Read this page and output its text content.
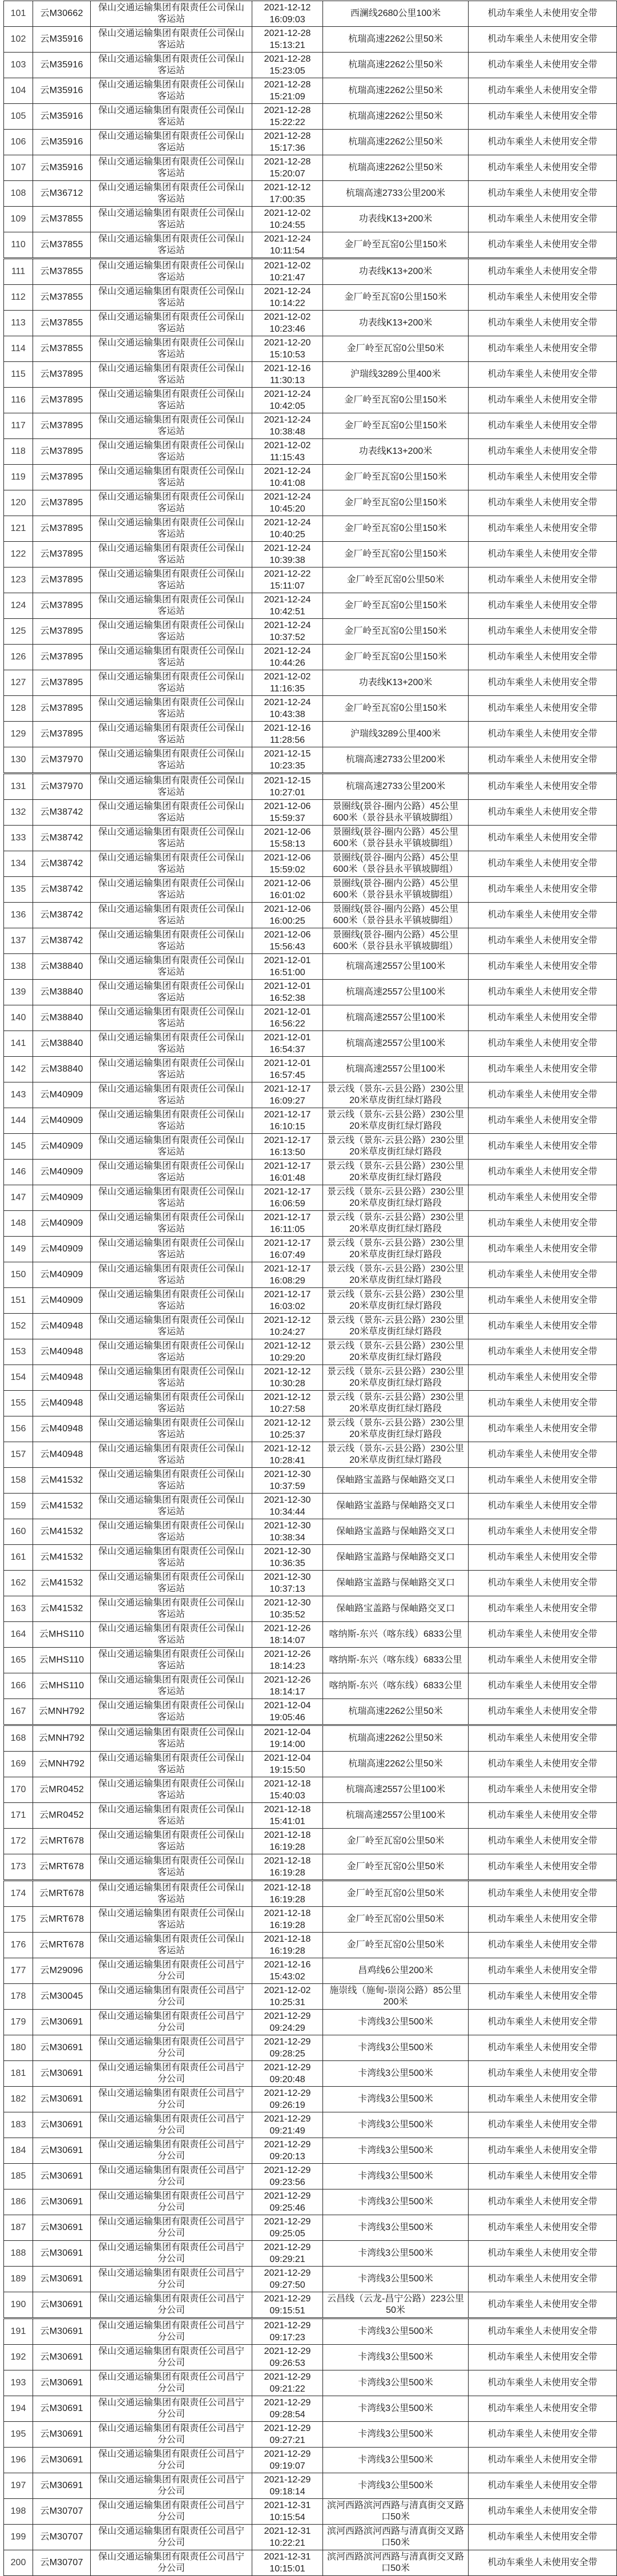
101	云M30662	保山交通运输集团有限责任公司保山客运站	2021-12-12
16:09:03	西澜线2680公里100米	机动车乘坐人未使用安全带
102	云M35916	保山交通运输集团有限责任公司保山客运站	2021-12-28
15:13:21	杭瑞高速2262公里50米	机动车乘坐人未使用安全带
103	云M35916	保山交通运输集团有限责任公司保山客运站	2021-12-28
15:23:05	杭瑞高速2262公里50米	机动车乘坐人未使用安全带
104	云M35916	保山交通运输集团有限责任公司保山客运站	2021-12-28
15:21:09	杭瑞高速2262公里50米	机动车乘坐人未使用安全带
105	云M35916	保山交通运输集团有限责任公司保山客运站	2021-12-28
15:22:22	杭瑞高速2262公里50米	机动车乘坐人未使用安全带
106	云M35916	保山交通运输集团有限责任公司保山客运站	2021-12-28
15:17:36	杭瑞高速2262公里50米	机动车乘坐人未使用安全带
107	云M35916	保山交通运输集团有限责任公司保山客运站	2021-12-28
15:20:07	杭瑞高速2262公里50米	机动车乘坐人未使用安全带
108	云M36712	保山交通运输集团有限责任公司保山客运站	2021-12-12
17:00:35	杭瑞高速2733公里200米	机动车乘坐人未使用安全带
109	云M37855	保山交通运输集团有限责任公司保山客运站	2021-12-02
10:24:55	功表线K13+200米	机动车乘坐人未使用安全带
110	云M37855	保山交通运输集团有限责任公司保山客运站	2021-12-24
10:11:54	金厂岭至瓦窑0公里150米	机动车乘坐人未使用安全带
111	云M37855	保山交通运输集团有限责任公司保山客运站	2021-12-02
10:21:47	功表线K13+200米	机动车乘坐人未使用安全带
112	云M37855	保山交通运输集团有限责任公司保山客运站	2021-12-24
10:14:22	金厂岭至瓦窑0公里150米	机动车乘坐人未使用安全带
113	云M37855	保山交通运输集团有限责任公司保山客运站	2021-12-02
10:23:46	功表线K13+200米	机动车乘坐人未使用安全带
114	云M37855	保山交通运输集团有限责任公司保山客运站	2021-12-20
15:10:53	金厂岭至瓦窑0公里50米	机动车乘坐人未使用安全带
115	云M37895	保山交通运输集团有限责任公司保山客运站	2021-12-16
11:30:13	沪瑞线3289公里400米	机动车乘坐人未使用安全带
116	云M37895	保山交通运输集团有限责任公司保山客运站	2021-12-24
10:42:05	金厂岭至瓦窑0公里150米	机动车乘坐人未使用安全带
117	云M37895	保山交通运输集团有限责任公司保山客运站	2021-12-24
10:38:48	金厂岭至瓦窑0公里150米	机动车乘坐人未使用安全带
118	云M37895	保山交通运输集团有限责任公司保山客运站	2021-12-02
11:15:43	功表线K13+200米	机动车乘坐人未使用安全带
119	云M37895	保山交通运输集团有限责任公司保山客运站	2021-12-24
10:41:08	金厂岭至瓦窑0公里150米	机动车乘坐人未使用安全带
120	云M37895	保山交通运输集团有限责任公司保山客运站	2021-12-24
10:45:20	金厂岭至瓦窑0公里150米	机动车乘坐人未使用安全带
121	云M37895	保山交通运输集团有限责任公司保山客运站	2021-12-24
10:40:25	金厂岭至瓦窑0公里150米	机动车乘坐人未使用安全带
122	云M37895	保山交通运输集团有限责任公司保山客运站	2021-12-24
10:39:38	金厂岭至瓦窑0公里150米	机动车乘坐人未使用安全带
123	云M37895	保山交通运输集团有限责任公司保山客运站	2021-12-22
15:11:07	金厂岭至瓦窑0公里50米	机动车乘坐人未使用安全带
124	云M37895	保山交通运输集团有限责任公司保山客运站	2021-12-24
10:42:51	金厂岭至瓦窑0公里150米	机动车乘坐人未使用安全带
125	云M37895	保山交通运输集团有限责任公司保山客运站	2021-12-24
10:37:52	金厂岭至瓦窑0公里150米	机动车乘坐人未使用安全带
126	云M37895	保山交通运输集团有限责任公司保山客运站	2021-12-24
10:44:26	金厂岭至瓦窑0公里150米	机动车乘坐人未使用安全带
127	云M37895	保山交通运输集团有限责任公司保山客运站	2021-12-02
11:16:35	功表线K13+200米	机动车乘坐人未使用安全带
128	云M37895	保山交通运输集团有限责任公司保山客运站	2021-12-24
10:43:38	金厂岭至瓦窑0公里150米	机动车乘坐人未使用安全带
129	云M37895	保山交通运输集团有限责任公司保山客运站	2021-12-16
11:28:56	沪瑞线3289公里400米	机动车乘坐人未使用安全带
130	云M37970	保山交通运输集团有限责任公司保山客运站	2021-12-15
10:23:35	杭瑞高速2733公里200米	机动车乘坐人未使用安全带
131	云M37970	保山交通运输集团有限责任公司保山客运站	2021-12-15
10:27:01	杭瑞高速2733公里200米	机动车乘坐人未使用安全带
132	云M38742	保山交通运输集团有限责任公司保山客运站	2021-12-06
15:59:37	景圈线(景谷-圈内公路）45公里600米（景谷县永平镇坡脚组）	机动车乘坐人未使用安全带
133	云M38742	保山交通运输集团有限责任公司保山客运站	2021-12-06
15:58:13	景圈线(景谷-圈内公路）45公里600米（景谷县永平镇坡脚组）	机动车乘坐人未使用安全带
134	云M38742	保山交通运输集团有限责任公司保山客运站	2021-12-06
15:59:02	景圈线(景谷-圈内公路）45公里600米（景谷县永平镇坡脚组）	机动车乘坐人未使用安全带
135	云M38742	保山交通运输集团有限责任公司保山客运站	2021-12-06
16:01:02	景圈线(景谷-圈内公路）45公里600米（景谷县永平镇坡脚组）	机动车乘坐人未使用安全带
136	云M38742	保山交通运输集团有限责任公司保山客运站	2021-12-06
16:00:25	景圈线(景谷-圈内公路）45公里600米（景谷县永平镇坡脚组）	机动车乘坐人未使用安全带
137	云M38742	保山交通运输集团有限责任公司保山客运站	2021-12-06
15:56:43	景圈线(景谷-圈内公路）45公里600米（景谷县永平镇坡脚组）	机动车乘坐人未使用安全带
138	云M38840	保山交通运输集团有限责任公司保山客运站	2021-12-01
16:51:00	杭瑞高速2557公里100米	机动车乘坐人未使用安全带
139	云M38840	保山交通运输集团有限责任公司保山客运站	2021-12-01
16:52:38	杭瑞高速2557公里100米	机动车乘坐人未使用安全带
140	云M38840	保山交通运输集团有限责任公司保山客运站	2021-12-01
16:56:22	杭瑞高速2557公里100米	机动车乘坐人未使用安全带
141	云M38840	保山交通运输集团有限责任公司保山客运站	2021-12-01
16:54:37	杭瑞高速2557公里100米	机动车乘坐人未使用安全带
142	云M38840	保山交通运输集团有限责任公司保山客运站	2021-12-01
16:57:45	杭瑞高速2557公里100米	机动车乘坐人未使用安全带
143	云M40909	保山交通运输集团有限责任公司保山客运站	2021-12-17
16:09:27	景云线（景东-云县公路）230公里20米草皮街红绿灯路段	机动车乘坐人未使用安全带
144	云M40909	保山交通运输集团有限责任公司保山客运站	2021-12-17
16:10:15	景云线（景东-云县公路）230公里20米草皮街红绿灯路段	机动车乘坐人未使用安全带
145	云M40909	保山交通运输集团有限责任公司保山客运站	2021-12-17
16:13:50	景云线（景东-云县公路）230公里20米草皮街红绿灯路段	机动车乘坐人未使用安全带
146	云M40909	保山交通运输集团有限责任公司保山客运站	2021-12-17
16:01:48	景云线（景东-云县公路）230公里20米草皮街红绿灯路段	机动车乘坐人未使用安全带
147	云M40909	保山交通运输集团有限责任公司保山客运站	2021-12-17
16:06:59	景云线（景东-云县公路）230公里20米草皮街红绿灯路段	机动车乘坐人未使用安全带
148	云M40909	保山交通运输集团有限责任公司保山客运站	2021-12-17
16:11:05	景云线（景东-云县公路）230公里20米草皮街红绿灯路段	机动车乘坐人未使用安全带
149	云M40909	保山交通运输集团有限责任公司保山客运站	2021-12-17
16:07:49	景云线（景东-云县公路）230公里20米草皮街红绿灯路段	机动车乘坐人未使用安全带
150	云M40909	保山交通运输集团有限责任公司保山客运站	2021-12-17
16:08:29	景云线（景东-云县公路）230公里20米草皮街红绿灯路段	机动车乘坐人未使用安全带
151	云M40909	保山交通运输集团有限责任公司保山客运站	2021-12-17
16:03:02	景云线（景东-云县公路）230公里20米草皮街红绿灯路段	机动车乘坐人未使用安全带
152	云M40948	保山交通运输集团有限责任公司保山客运站	2021-12-12
10:24:27	景云线（景东-云县公路）230公里20米草皮街红绿灯路段	机动车乘坐人未使用安全带
153	云M40948	保山交通运输集团有限责任公司保山客运站	2021-12-12
10:29:20	景云线（景东-云县公路）230公里20米草皮街红绿灯路段	机动车乘坐人未使用安全带
154	云M40948	保山交通运输集团有限责任公司保山客运站	2021-12-12
10:30:28	景云线（景东-云县公路）230公里20米草皮街红绿灯路段	机动车乘坐人未使用安全带
155	云M40948	保山交通运输集团有限责任公司保山客运站	2021-12-12
10:27:58	景云线（景东-云县公路）230公里20米草皮街红绿灯路段	机动车乘坐人未使用安全带
156	云M40948	保山交通运输集团有限责任公司保山客运站	2021-12-12
10:25:37	景云线（景东-云县公路）230公里20米草皮街红绿灯路段	机动车乘坐人未使用安全带
157	云M40948	保山交通运输集团有限责任公司保山客运站	2021-12-12
10:28:41	景云线（景东-云县公路）230公里20米草皮街红绿灯路段	机动车乘坐人未使用安全带
158	云M41532	保山交通运输集团有限责任公司保山客运站	2021-12-30
10:37:59	保岫路宝盖路与保岫路交叉口	机动车乘坐人未使用安全带
159	云M41532	保山交通运输集团有限责任公司保山客运站	2021-12-30
10:34:44	保岫路宝盖路与保岫路交叉口	机动车乘坐人未使用安全带
160	云M41532	保山交通运输集团有限责任公司保山客运站	2021-12-30
10:38:34	保岫路宝盖路与保岫路交叉口	机动车乘坐人未使用安全带
161	云M41532	保山交通运输集团有限责任公司保山客运站	2021-12-30
10:36:35	保岫路宝盖路与保岫路交叉口	机动车乘坐人未使用安全带
162	云M41532	保山交通运输集团有限责任公司保山客运站	2021-12-30
10:37:13	保岫路宝盖路与保岫路交叉口	机动车乘坐人未使用安全带
163	云M41532	保山交通运输集团有限责任公司保山客运站	2021-12-30
10:35:52	保岫路宝盖路与保岫路交叉口	机动车乘坐人未使用安全带
164	云MHS110	保山交通运输集团有限责任公司保山客运站	2021-12-26
18:14:07	喀纳斯-东兴（喀东线）6833公里	机动车乘坐人未使用安全带
165	云MHS110	保山交通运输集团有限责任公司保山客运站	2021-12-26
18:14:23	喀纳斯-东兴（喀东线）6833公里	机动车乘坐人未使用安全带
166	云MHS110	保山交通运输集团有限责任公司保山客运站	2021-12-26
18:14:17	喀纳斯-东兴（喀东线）6833公里	机动车乘坐人未使用安全带
167	云MNH792	保山交通运输集团有限责任公司保山客运站	2021-12-04
19:05:46	杭瑞高速2262公里50米	机动车乘坐人未使用安全带
168	云MNH792	保山交通运输集团有限责任公司保山客运站	2021-12-04
19:14:00	杭瑞高速2262公里50米	机动车乘坐人未使用安全带
169	云MNH792	保山交通运输集团有限责任公司保山客运站	2021-12-04
19:15:50	杭瑞高速2262公里50米	机动车乘坐人未使用安全带
170	云MR0452	保山交通运输集团有限责任公司保山客运站	2021-12-18
15:40:03	杭瑞高速2557公里100米	机动车乘坐人未使用安全带
171	云MR0452	保山交通运输集团有限责任公司保山客运站	2021-12-18
15:41:01	杭瑞高速2557公里100米	机动车乘坐人未使用安全带
172	云MRT678	保山交通运输集团有限责任公司保山客运站	2021-12-18
16:19:28	金厂岭至瓦窑0公里50米	机动车乘坐人未使用安全带
173	云MRT678	保山交通运输集团有限责任公司保山客运站	2021-12-18
16:19:28	金厂岭至瓦窑0公里50米	机动车乘坐人未使用安全带
174	云MRT678	保山交通运输集团有限责任公司保山客运站	2021-12-18
16:19:28	金厂岭至瓦窑0公里50米	机动车乘坐人未使用安全带
175	云MRT678	保山交通运输集团有限责任公司保山客运站	2021-12-18
16:19:28	金厂岭至瓦窑0公里50米	机动车乘坐人未使用安全带
176	云MRT678	保山交通运输集团有限责任公司保山客运站	2021-12-18
16:19:28	金厂岭至瓦窑0公里50米	机动车乘坐人未使用安全带
177	云M29096	保山交通运输集团有限责任公司昌宁分公司	2021-12-16
15:43:02	昌鸡线6公里200米	机动车乘坐人未使用安全带
178	云M30045	保山交通运输集团有限责任公司昌宁分公司	2021-12-02
10:25:31	施崇线（施甸-崇岗公路）85公里200米	机动车乘坐人未使用安全带
179	云M30691	保山交通运输集团有限责任公司昌宁分公司	2021-12-29
09:24:29	卡湾线3公里500米	机动车乘坐人未使用安全带
180	云M30691	保山交通运输集团有限责任公司昌宁分公司	2021-12-29
09:28:25	卡湾线3公里500米	机动车乘坐人未使用安全带
181	云M30691	保山交通运输集团有限责任公司昌宁分公司	2021-12-29
09:20:48	卡湾线3公里500米	机动车乘坐人未使用安全带
182	云M30691	保山交通运输集团有限责任公司昌宁分公司	2021-12-29
09:26:19	卡湾线3公里500米	机动车乘坐人未使用安全带
183	云M30691	保山交通运输集团有限责任公司昌宁分公司	2021-12-29
09:21:49	卡湾线3公里500米	机动车乘坐人未使用安全带
184	云M30691	保山交通运输集团有限责任公司昌宁分公司	2021-12-29
09:20:13	卡湾线3公里500米	机动车乘坐人未使用安全带
185	云M30691	保山交通运输集团有限责任公司昌宁分公司	2021-12-29
09:23:56	卡湾线3公里500米	机动车乘坐人未使用安全带
186	云M30691	保山交通运输集团有限责任公司昌宁分公司	2021-12-29
09:25:46	卡湾线3公里500米	机动车乘坐人未使用安全带
187	云M30691	保山交通运输集团有限责任公司昌宁分公司	2021-12-29
09:25:05	卡湾线3公里500米	机动车乘坐人未使用安全带
188	云M30691	保山交通运输集团有限责任公司昌宁分公司	2021-12-29
09:29:21	卡湾线3公里500米	机动车乘坐人未使用安全带
189	云M30691	保山交通运输集团有限责任公司昌宁分公司	2021-12-29
09:27:50	卡湾线3公里500米	机动车乘坐人未使用安全带
190	云M30691	保山交通运输集团有限责任公司昌宁分公司	2021-12-29
09:15:51	云昌线（云龙-昌宁公路）223公里50米	机动车乘坐人未使用安全带
191	云M30691	保山交通运输集团有限责任公司昌宁分公司	2021-12-29
09:17:23	卡湾线3公里500米	机动车乘坐人未使用安全带
192	云M30691	保山交通运输集团有限责任公司昌宁分公司	2021-12-29
09:26:53	卡湾线3公里500米	机动车乘坐人未使用安全带
193	云M30691	保山交通运输集团有限责任公司昌宁分公司	2021-12-29
09:21:22	卡湾线3公里500米	机动车乘坐人未使用安全带
194	云M30691	保山交通运输集团有限责任公司昌宁分公司	2021-12-29
09:28:54	卡湾线3公里500米	机动车乘坐人未使用安全带
195	云M30691	保山交通运输集团有限责任公司昌宁分公司	2021-12-29
09:27:21	卡湾线3公里500米	机动车乘坐人未使用安全带
196	云M30691	保山交通运输集团有限责任公司昌宁分公司	2021-12-29
09:19:07	卡湾线3公里500米	机动车乘坐人未使用安全带
197	云M30691	保山交通运输集团有限责任公司昌宁分公司	2021-12-29
09:18:14	卡湾线3公里500米	机动车乘坐人未使用安全带
198	云M30707	保山交通运输集团有限责任公司昌宁分公司	2021-12-31
10:15:54	滨河西路滨河西路与清真街交叉路口50米	机动车乘坐人未使用安全带
199	云M30707	保山交通运输集团有限责任公司昌宁分公司	2021-12-31
10:22:21	滨河西路滨河西路与清真街交叉路口50米	机动车乘坐人未使用安全带
200	云M30707	保山交通运输集团有限责任公司昌宁分公司	2021-12-31
10:15:01	滨河西路滨河西路与清真街交叉路口50米	机动车乘坐人未使用安全带
